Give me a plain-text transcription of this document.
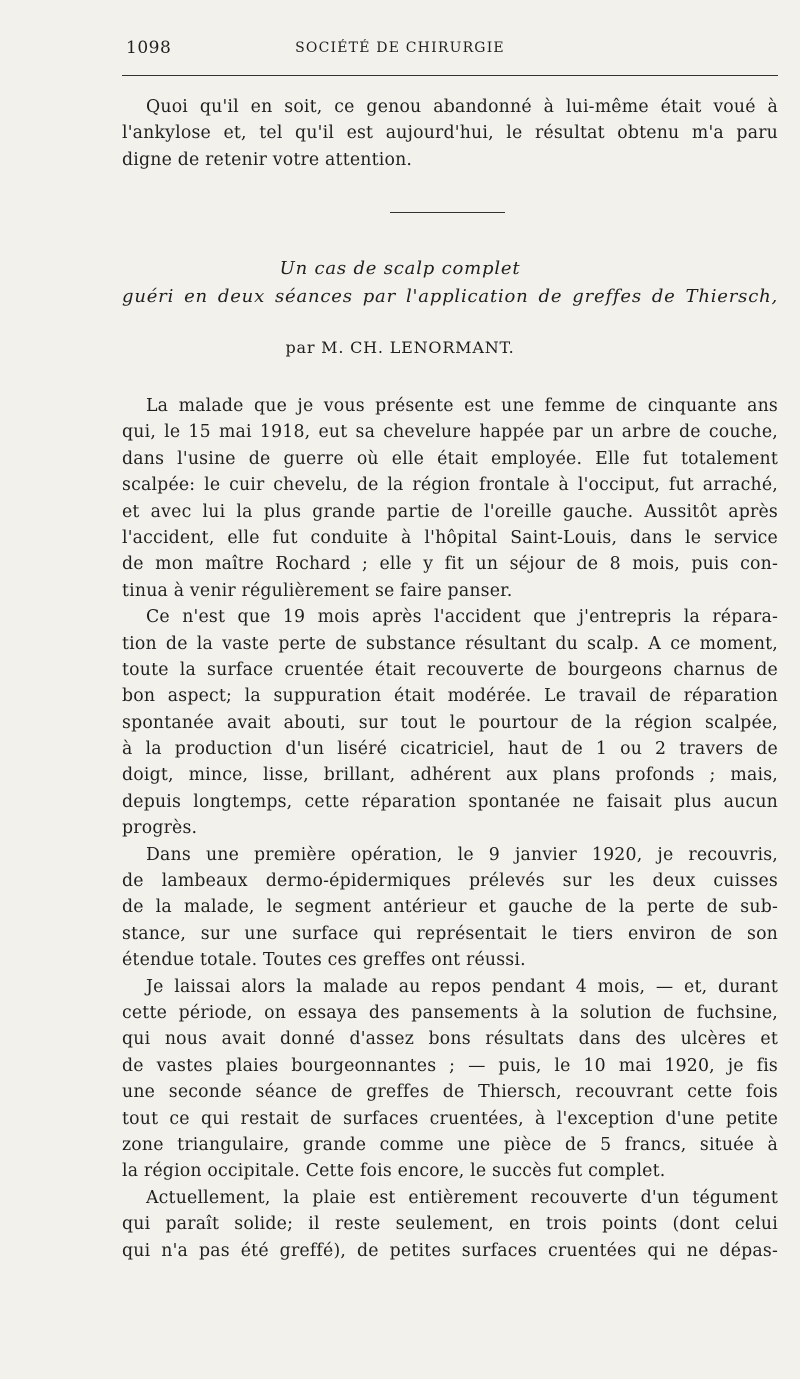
1098	SOCIÉTÉ DE CHIRURGIE
Quoi qu'il en soit, ce genou abandonné à lui-même était voué à
l'ankylose et, tel qu'il est aujourd'hui, le résultat obtenu m'a paru
digne de retenir votre attention.
Un cas de scalp complet
guéri en deux séances par l'application de greffes de Thiersch,
par M. CH. LENORMANT.
La malade que je vous présente est une femme de cinquante ans
qui, le 15 mai 1918, eut sa chevelure happée par un arbre de couche,
dans l'usine de guerre où elle était employée. Elle fut totalement
scalpée: le cuir chevelu, de la région frontale à l'occiput, fut arraché,
et avec lui la plus grande partie de l'oreille gauche. Aussitôt après
l'accident, elle fut conduite à l'hôpital Saint-Louis, dans le service
de mon maître Rochard ; elle y fit un séjour de 8 mois, puis con-
tinua à venir régulièrement se faire panser.
Ce n'est que 19 mois après l'accident que j'entrepris la répara-
tion de la vaste perte de substance résultant du scalp. A ce moment,
toute la surface cruentée était recouverte de bourgeons charnus de
bon aspect; la suppuration était modérée. Le travail de réparation
spontanée avait abouti, sur tout le pourtour de la région scalpée,
à la production d'un liséré cicatriciel, haut de 1 ou 2 travers de
doigt, mince, lisse, brillant, adhérent aux plans profonds ; mais,
depuis longtemps, cette réparation spontanée ne faisait plus aucun
progrès.
Dans une première opération, le 9 janvier 1920, je recouvris,
de lambeaux dermo-épidermiques prélevés sur les deux cuisses
de la malade, le segment antérieur et gauche de la perte de sub-
stance, sur une surface qui représentait le tiers environ de son
étendue totale. Toutes ces greffes ont réussi.
Je laissai alors la malade au repos pendant 4 mois, — et, durant
cette période, on essaya des pansements à la solution de fuchsine,
qui nous avait donné d'assez bons résultats dans des ulcères et
de vastes plaies bourgeonnantes ; — puis, le 10 mai 1920, je fis
une seconde séance de greffes de Thiersch, recouvrant cette fois
tout ce qui restait de surfaces cruentées, à l'exception d'une petite
zone triangulaire, grande comme une pièce de 5 francs, située à
la région occipitale. Cette fois encore, le succès fut complet.
Actuellement, la plaie est entièrement recouverte d'un tégument
qui paraît solide; il reste seulement, en trois points (dont celui
qui n'a pas été greffé), de petites surfaces cruentées qui ne dépas-
